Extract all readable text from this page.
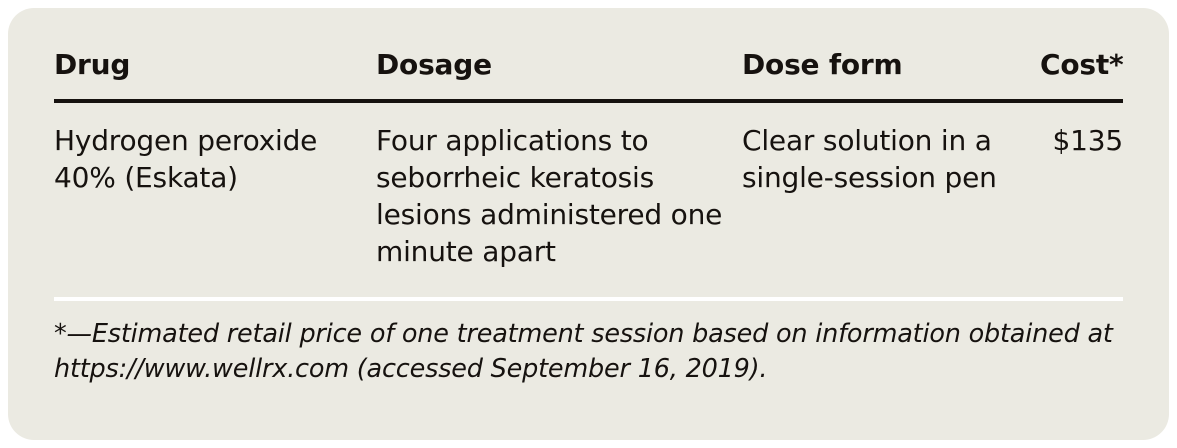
Drug	Dosage	Dose form	Cost*
Hydrogen peroxide 40% (Eskata)	Four applications to seborrheic keratosis lesions administered one minute apart	Clear solution in a single-session pen	$135
*—Estimated retail price of one treatment session based on information obtained at https://www.wellrx.com (accessed September 16, 2019).
